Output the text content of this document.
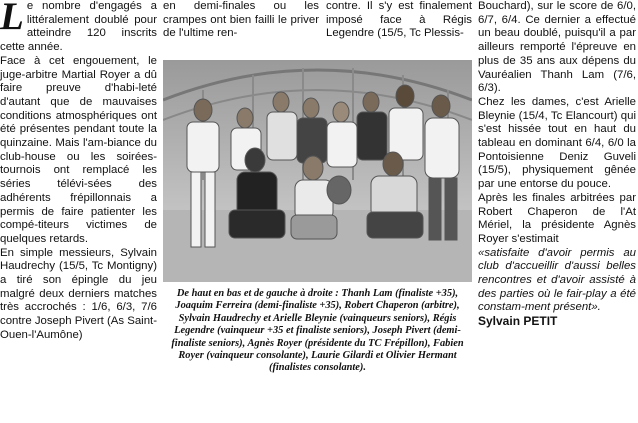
Le nombre d'engagés a littéralement doublé pour atteindre 120 inscrits cette année.

Face à cet engouement, le juge-arbitre Martial Royer a dû faire preuve d'habi-leté d'autant que de mauvaises conditions atmosphériques ont été présentes pendant toute la quinzaine. Mais l'am-biance du club-house ou les soirées-tournois ont remplacé les séries télévi-sées des adhérents frépillonnais a permis de faire patienter les compé-titeurs victimes de quelques retards.

En simple messieurs, Sylvain Haudrechy (15/5, Tc Montigny) a tiré son épingle du jeu malgré deux derniers matches très accrochés : 1/6, 6/3, 7/6 contre Joseph Pivert (As Saint-Ouen-l'Aumône)

en demi-finales ou les crampes ont bien failli le priver de l'ultime ren-

contre. Il s'y est finalement imposé face à Régis Legendre (15/5, Tc Plessis-

De haut en bas et de gauche à droite : Thanh Lam (finaliste +35), Joaquim Ferreira (demi-finaliste +35), Robert Chaperon (arbitre), Sylvain Haudrechy et Arielle Bleynie (vainqueurs seniors), Régis Legendre (vainqueur +35 et finaliste seniors), Joseph Pivert (demi-finaliste seniors), Agnès Royer (présidente du TC Frépillon), Fabien Royer (vainqueur consolante), Laurie Gilardi et Olivier Hermant (finalistes consolante).

Bouchard), sur le score de 6/0, 6/7, 6/4. Ce dernier a effectué un beau doublé, puisqu'il a par ailleurs remporté l'épreuve en plus de 35 ans aux dépens du Vauréalien Thanh Lam (7/6, 6/3).

Chez les dames, c'est Arielle Bleynie (15/4, Tc Elancourt) qui s'est hissée tout en haut du tableau en dominant 6/4, 6/0 la Pontoisienne Deniz Guveli (15/5), physiquement gênée par une entorse du pouce.

Après les finales arbitrées par Robert Chaperon de l'At Mériel, la présidente Agnès Royer s'estimait

«satisfaite d'avoir permis au club d'accueillir d'aussi belles rencontres et d'avoir assisté à des parties où le fair-play a été constam-ment présent».

Sylvain PETIT
